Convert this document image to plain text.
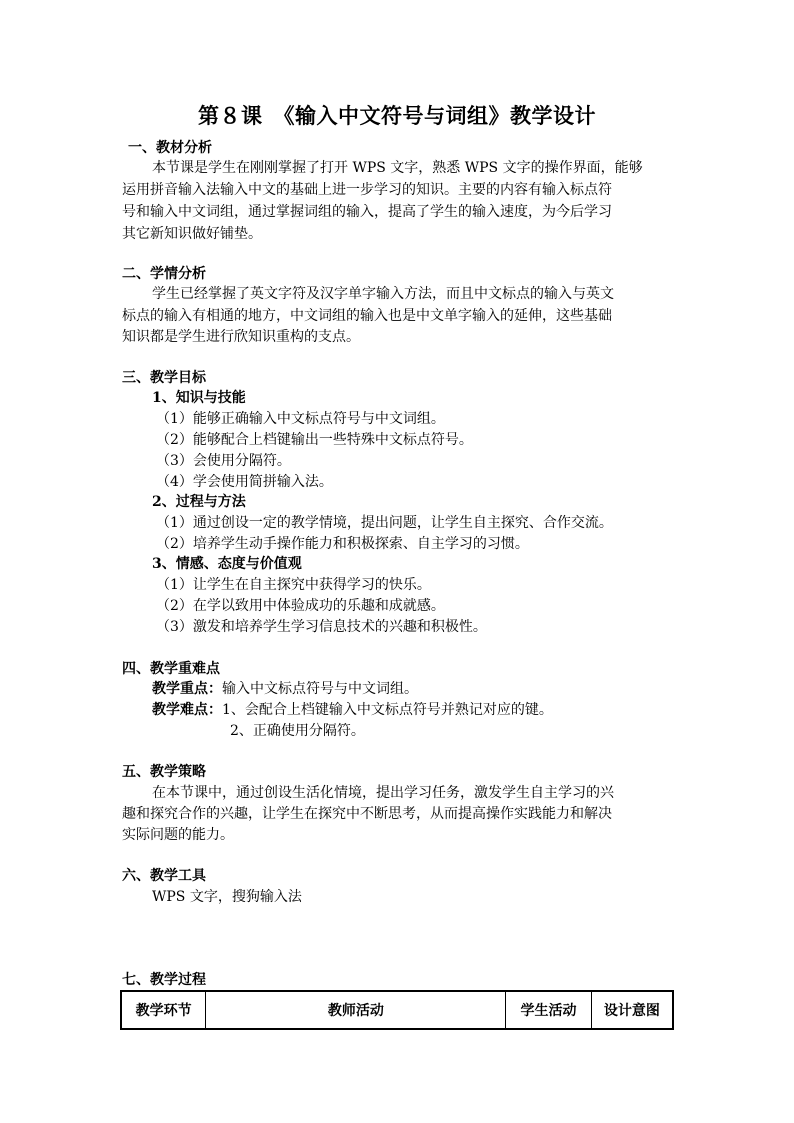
第８课　《输入中文符号与词组》教学设计
一、教材分析
本节课是学生在刚刚掌握了打开 WPS 文字，熟悉 WPS 文字的操作界面，能够
运用拼音输入法输入中文的基础上进一步学习的知识。主要的内容有输入标点符
号和输入中文词组，通过掌握词组的输入，提高了学生的输入速度，为今后学习
其它新知识做好铺垫。
二、学情分析
学生已经掌握了英文字符及汉字单字输入方法，而且中文标点的输入与英文
标点的输入有相通的地方，中文词组的输入也是中文单字输入的延伸，这些基础
知识都是学生进行欣知识重构的支点。
三、教学目标
1、知识与技能
（1）能够正确输入中文标点符号与中文词组。
（2）能够配合上档键输出一些特殊中文标点符号。
（3）会使用分隔符。
（4）学会使用简拼输入法。
2、过程与方法
（1）通过创设一定的教学情境，提出问题，让学生自主探究、合作交流。
（2）培养学生动手操作能力和积极探索、自主学习的习惯。
3、情感、态度与价值观
（1）让学生在自主探究中获得学习的快乐。
（2）在学以致用中体验成功的乐趣和成就感。
（3）激发和培养学生学习信息技术的兴趣和积极性。
四、教学重难点
教学重点：输入中文标点符号与中文词组。
教学难点：1、会配合上档键输入中文标点符号并熟记对应的键。
2、正确使用分隔符。
五、教学策略
在本节课中，通过创设生活化情境，提出学习任务，激发学生自主学习的兴
趣和探究合作的兴趣，让学生在探究中不断思考，从而提高操作实践能力和解决
实际问题的能力。
六、教学工具
WPS 文字，搜狗输入法
七、教学过程
教学环节	教师活动	学生活动	设计意图
